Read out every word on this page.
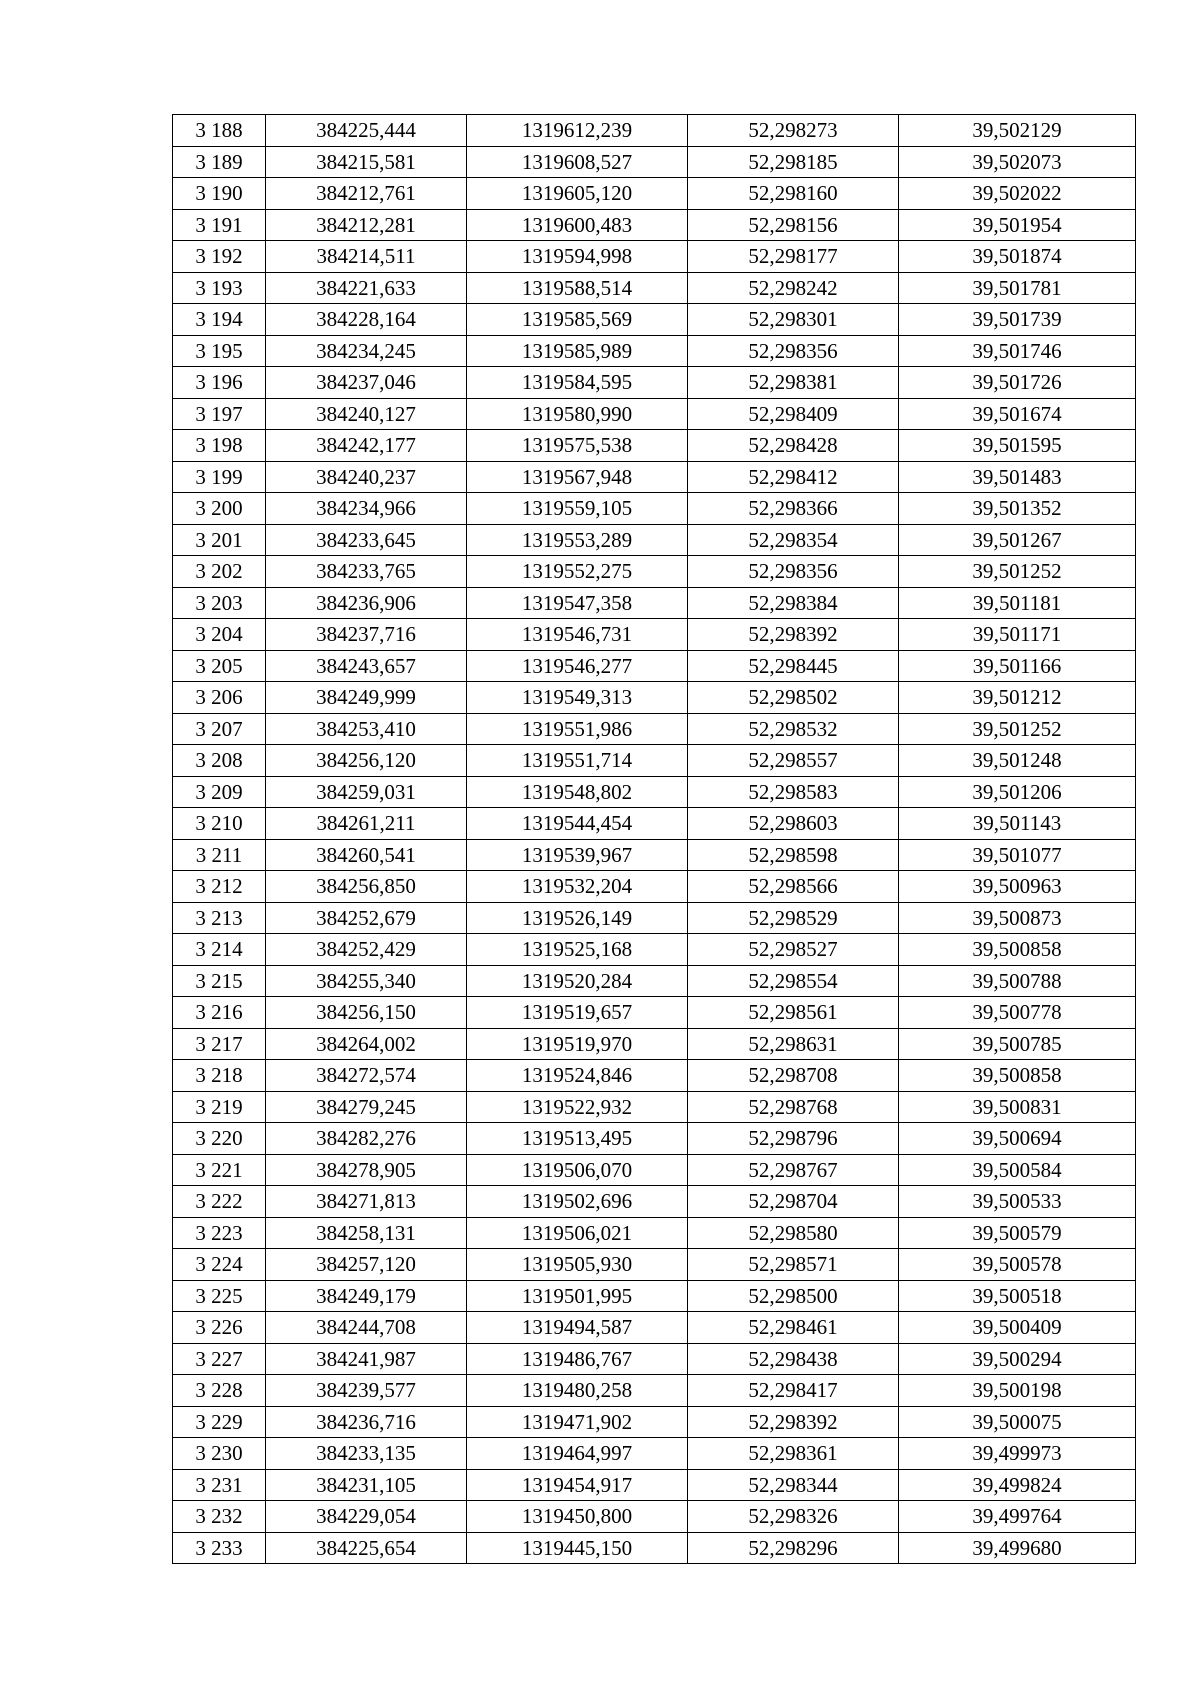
3 188	384225,444	1319612,239	52,298273	39,502129
3 189	384215,581	1319608,527	52,298185	39,502073
3 190	384212,761	1319605,120	52,298160	39,502022
3 191	384212,281	1319600,483	52,298156	39,501954
3 192	384214,511	1319594,998	52,298177	39,501874
3 193	384221,633	1319588,514	52,298242	39,501781
3 194	384228,164	1319585,569	52,298301	39,501739
3 195	384234,245	1319585,989	52,298356	39,501746
3 196	384237,046	1319584,595	52,298381	39,501726
3 197	384240,127	1319580,990	52,298409	39,501674
3 198	384242,177	1319575,538	52,298428	39,501595
3 199	384240,237	1319567,948	52,298412	39,501483
3 200	384234,966	1319559,105	52,298366	39,501352
3 201	384233,645	1319553,289	52,298354	39,501267
3 202	384233,765	1319552,275	52,298356	39,501252
3 203	384236,906	1319547,358	52,298384	39,501181
3 204	384237,716	1319546,731	52,298392	39,501171
3 205	384243,657	1319546,277	52,298445	39,501166
3 206	384249,999	1319549,313	52,298502	39,501212
3 207	384253,410	1319551,986	52,298532	39,501252
3 208	384256,120	1319551,714	52,298557	39,501248
3 209	384259,031	1319548,802	52,298583	39,501206
3 210	384261,211	1319544,454	52,298603	39,501143
3 211	384260,541	1319539,967	52,298598	39,501077
3 212	384256,850	1319532,204	52,298566	39,500963
3 213	384252,679	1319526,149	52,298529	39,500873
3 214	384252,429	1319525,168	52,298527	39,500858
3 215	384255,340	1319520,284	52,298554	39,500788
3 216	384256,150	1319519,657	52,298561	39,500778
3 217	384264,002	1319519,970	52,298631	39,500785
3 218	384272,574	1319524,846	52,298708	39,500858
3 219	384279,245	1319522,932	52,298768	39,500831
3 220	384282,276	1319513,495	52,298796	39,500694
3 221	384278,905	1319506,070	52,298767	39,500584
3 222	384271,813	1319502,696	52,298704	39,500533
3 223	384258,131	1319506,021	52,298580	39,500579
3 224	384257,120	1319505,930	52,298571	39,500578
3 225	384249,179	1319501,995	52,298500	39,500518
3 226	384244,708	1319494,587	52,298461	39,500409
3 227	384241,987	1319486,767	52,298438	39,500294
3 228	384239,577	1319480,258	52,298417	39,500198
3 229	384236,716	1319471,902	52,298392	39,500075
3 230	384233,135	1319464,997	52,298361	39,499973
3 231	384231,105	1319454,917	52,298344	39,499824
3 232	384229,054	1319450,800	52,298326	39,499764
3 233	384225,654	1319445,150	52,298296	39,499680
